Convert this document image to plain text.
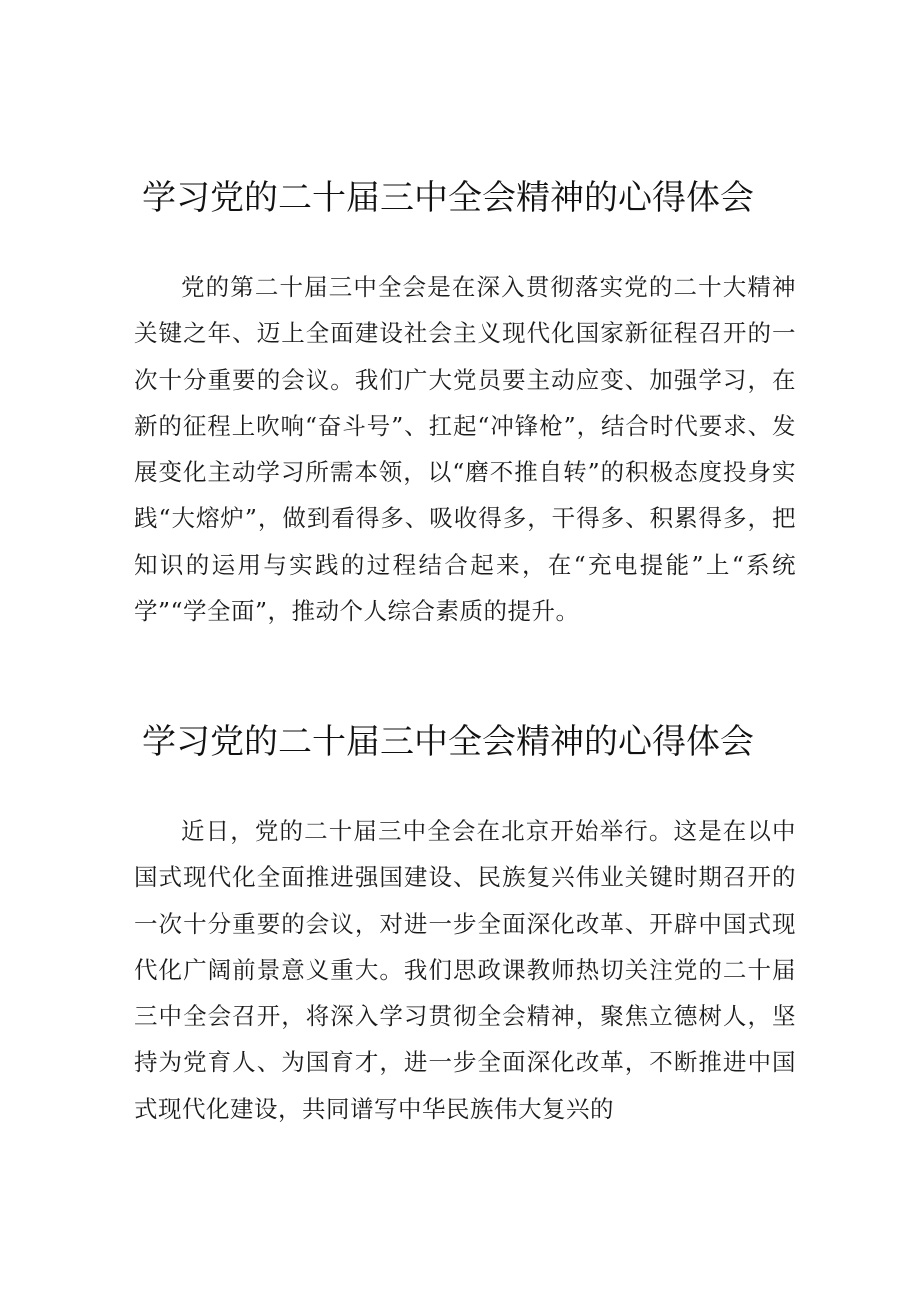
学习党的二十届三中全会精神的心得体会

党的第二十届三中全会是在深入贯彻落实党的二十大精神关键之年、迈上全面建设社会主义现代化国家新征程召开的一次十分重要的会议。我们广大党员要主动应变、加强学习，在新的征程上吹响“奋斗号”、扛起“冲锋枪”，结合时代要求、发展变化主动学习所需本领，以“磨不推自转”的积极态度投身实践“大熔炉”，做到看得多、吸收得多，干得多、积累得多，把知识的运用与实践的过程结合起来，在“充电提能”上“系统学”“学全面”，推动个人综合素质的提升。

学习党的二十届三中全会精神的心得体会

近日，党的二十届三中全会在北京开始举行。这是在以中国式现代化全面推进强国建设、民族复兴伟业关键时期召开的一次十分重要的会议，对进一步全面深化改革、开辟中国式现代化广阔前景意义重大。我们思政课教师热切关注党的二十届三中全会召开，将深入学习贯彻全会精神，聚焦立德树人，坚持为党育人、为国育才，进一步全面深化改革，不断推进中国式现代化建设，共同谱写中华民族伟大复兴的
